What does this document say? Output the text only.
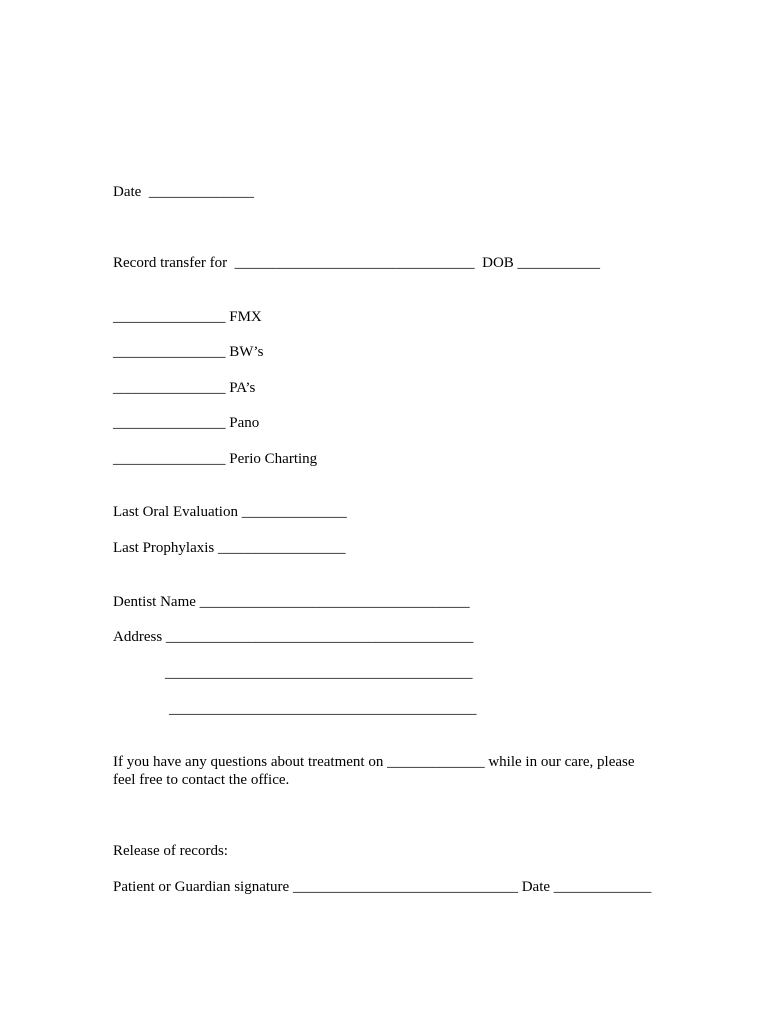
Date  ______________
Record transfer for  ________________________________  DOB ___________
_______________ FMX
_______________ BW’s
_______________ PA’s
_______________ Pano
_______________ Perio Charting
Last Oral Evaluation ______________
Last Prophylaxis _________________
Dentist Name ____________________________________
Address _________________________________________
_________________________________________
_________________________________________
If you have any questions about treatment on _____________ while in our care, please
feel free to contact the office.
Release of records:
Patient or Guardian signature ______________________________ Date _____________
